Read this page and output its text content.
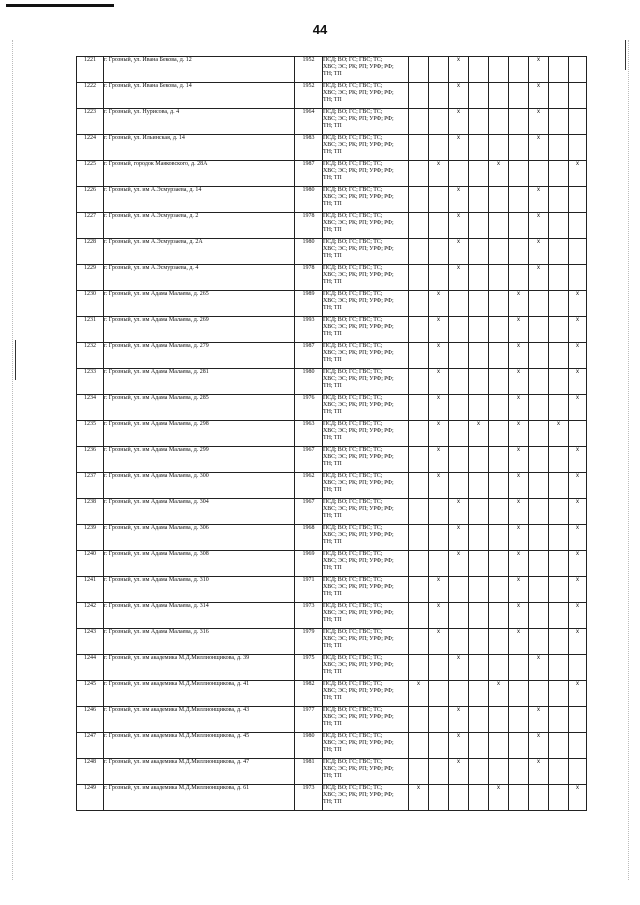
44
1221	г. Грозный, ул. Ивана Бекова, д. 12	1952	ПСД; ВО; ГС; ГВС; ТС;
ХВС; ЭС; РК; РП; УРФ; РФ;
ТН; ТП			x				x		
1222	г. Грозный, ул. Ивана Бекова, д. 14	1952	ПСД; ВО; ГС; ГВС; ТС;
ХВС; ЭС; РК; РП; УРФ; РФ;
ТН; ТП			x				x		
1223	г. Грозный, ул. Нурисова, д. 4	1964	ПСД; ВО; ГС; ГВС; ТС;
ХВС; ЭС; РК; РП; УРФ; РФ;
ТН; ТП			x				x		
1224	г. Грозный, ул. Ильинская, д. 14	1983	ПСД; ВО; ГС; ГВС; ТС;
ХВС; ЭС; РК; РП; УРФ; РФ;
ТН; ТП			x				x		
1225	г. Грозный, городок Маяковского, д. 28А	1987	ПСД; ВО; ГС; ГВС; ТС;
ХВС; ЭС; РК; РП; УРФ; РФ;
ТН; ТП		x			x				x
1226	г. Грозный, ул. им А.Эсмурзаева, д. 14	1980	ПСД; ВО; ГС; ГВС; ТС;
ХВС; ЭС; РК; РП; УРФ; РФ;
ТН; ТП			x				x		
1227	г. Грозный, ул. им А.Эсмурзаева, д. 2	1978	ПСД; ВО; ГС; ГВС; ТС;
ХВС; ЭС; РК; РП; УРФ; РФ;
ТН; ТП			x				x		
1228	г. Грозный, ул. им А.Эсмурзаева, д. 2А	1980	ПСД; ВО; ГС; ГВС; ТС;
ХВС; ЭС; РК; РП; УРФ; РФ;
ТН; ТП			x				x		
1229	г. Грозный, ул. им А.Эсмурзаева, д. 4	1978	ПСД; ВО; ГС; ГВС; ТС;
ХВС; ЭС; РК; РП; УРФ; РФ;
ТН; ТП			x				x		
1230	г. Грозный, ул. им Адама Малаева, д. 265	1989	ПСД; ВО; ГС; ГВС; ТС;
ХВС; ЭС; РК; РП; УРФ; РФ;
ТН; ТП		x				x			x
1231	г. Грозный, ул. им Адама Малаева, д. 269	1993	ПСД; ВО; ГС; ГВС; ТС;
ХВС; ЭС; РК; РП; УРФ; РФ;
ТН; ТП		x				x			x
1232	г. Грозный, ул. им Адама Малаева, д. 279	1987	ПСД; ВО; ГС; ГВС; ТС;
ХВС; ЭС; РК; РП; УРФ; РФ;
ТН; ТП		x				x			x
1233	г. Грозный, ул. им Адама Малаева, д. 281	1980	ПСД; ВО; ГС; ГВС; ТС;
ХВС; ЭС; РК; РП; УРФ; РФ;
ТН; ТП		x				x			x
1234	г. Грозный, ул. им Адама Малаева, д. 285	1976	ПСД; ВО; ГС; ГВС; ТС;
ХВС; ЭС; РК; РП; УРФ; РФ;
ТН; ТП		x				x			x
1235	г. Грозный, ул. им Адама Малаева, д. 298	1963	ПСД; ВО; ГС; ГВС; ТС;
ХВС; ЭС; РК; РП; УРФ; РФ;
ТН; ТП		x		x		x		x	
1236	г. Грозный, ул. им Адама Малаева, д. 299	1967	ПСД; ВО; ГС; ГВС; ТС;
ХВС; ЭС; РК; РП; УРФ; РФ;
ТН; ТП		x				x			x
1237	г. Грозный, ул. им Адама Малаева, д. 300	1962	ПСД; ВО; ГС; ГВС; ТС;
ХВС; ЭС; РК; РП; УРФ; РФ;
ТН; ТП		x				x			x
1238	г. Грозный, ул. им Адама Малаева, д. 304	1967	ПСД; ВО; ГС; ГВС; ТС;
ХВС; ЭС; РК; РП; УРФ; РФ;
ТН; ТП			x			x			x
1239	г. Грозный, ул. им Адама Малаева, д. 306	1968	ПСД; ВО; ГС; ГВС; ТС;
ХВС; ЭС; РК; РП; УРФ; РФ;
ТН; ТП			x			x			x
1240	г. Грозный, ул. им Адама Малаева, д. 308	1969	ПСД; ВО; ГС; ГВС; ТС;
ХВС; ЭС; РК; РП; УРФ; РФ;
ТН; ТП			x			x			x
1241	г. Грозный, ул. им Адама Малаева, д. 310	1971	ПСД; ВО; ГС; ГВС; ТС;
ХВС; ЭС; РК; РП; УРФ; РФ;
ТН; ТП		x				x			x
1242	г. Грозный, ул. им Адама Малаева, д. 314	1973	ПСД; ВО; ГС; ГВС; ТС;
ХВС; ЭС; РК; РП; УРФ; РФ;
ТН; ТП		x				x			x
1243	г. Грозный, ул. им Адама Малаева, д. 316	1979	ПСД; ВО; ГС; ГВС; ТС;
ХВС; ЭС; РК; РП; УРФ; РФ;
ТН; ТП		x				x			x
1244	г. Грозный, ул. им академика М.Д.Миллионщикова, д. 39	1975	ПСД; ВО; ГС; ГВС; ТС;
ХВС; ЭС; РК; РП; УРФ; РФ;
ТН; ТП			x				x		
1245	г. Грозный, ул. им академика М.Д.Миллионщикова, д. 41	1982	ПСД; ВО; ГС; ГВС; ТС;
ХВС; ЭС; РК; РП; УРФ; РФ;
ТН; ТП	x				x				x
1246	г. Грозный, ул. им академика М.Д.Миллионщикова, д. 43	1977	ПСД; ВО; ГС; ГВС; ТС;
ХВС; ЭС; РК; РП; УРФ; РФ;
ТН; ТП			x				x		
1247	г. Грозный, ул. им академика М.Д.Миллионщикова, д. 45	1980	ПСД; ВО; ГС; ГВС; ТС;
ХВС; ЭС; РК; РП; УРФ; РФ;
ТН; ТП			x				x		
1248	г. Грозный, ул. им академика М.Д.Миллионщикова, д. 47	1981	ПСД; ВО; ГС; ГВС; ТС;
ХВС; ЭС; РК; РП; УРФ; РФ;
ТН; ТП			x				x		
1249	г. Грозный, ул. им академика М.Д.Миллионщикова, д. 61	1973	ПСД; ВО; ГС; ГВС; ТС;
ХВС; ЭС; РК; РП; УРФ; РФ;
ТН; ТП	x				x				x
